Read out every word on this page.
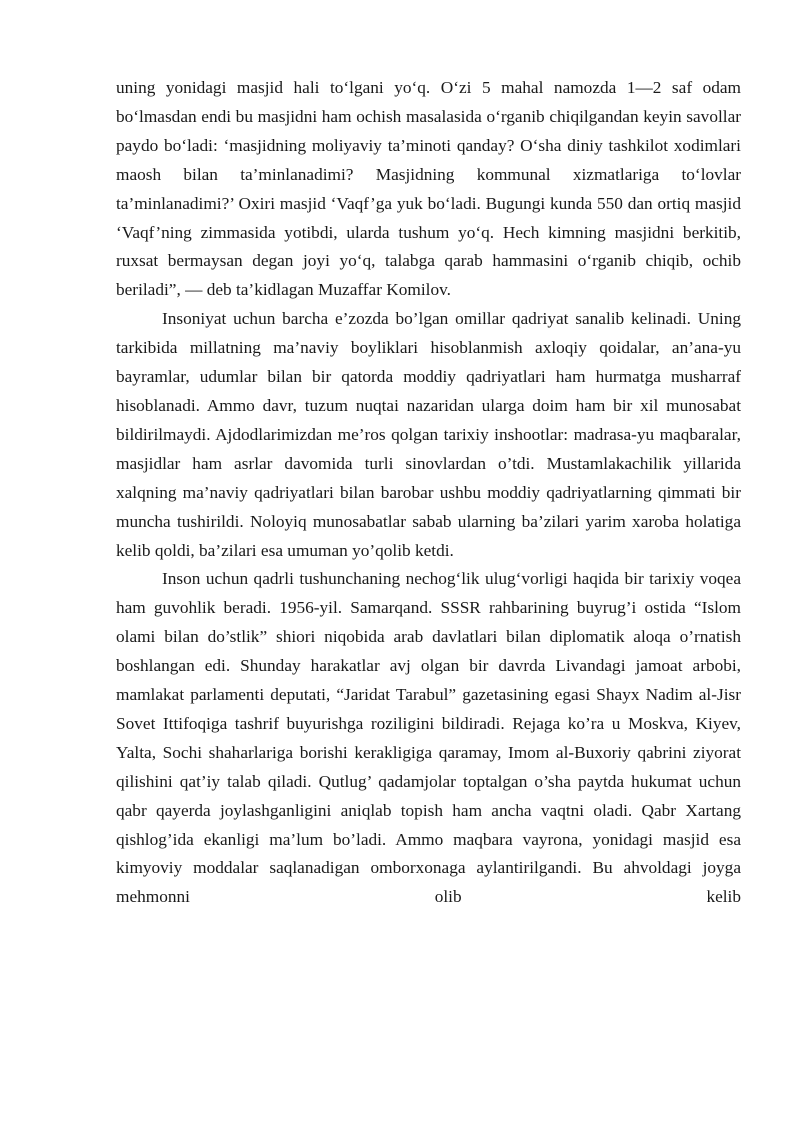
uning yonidagi masjid hali to‘lgani yo‘q. O‘zi 5 mahal namozda 1—2 saf odam bo‘lmasdan endi bu masjidni ham ochish masalasida o‘rganib chiqilgandan keyin savollar paydo bo‘ladi: ‘masjidning moliyaviy ta’minoti qanday? O‘sha diniy tashkilot xodimlari maosh bilan ta’minlanadimi? Masjidning kommunal xizmatlariga to‘lovlar ta’minlanadimi?’ Oxiri masjid ‘Vaqf’ga yuk bo‘ladi. Bugungi kunda 550 dan ortiq masjid ‘Vaqf’ning zimmasida yotibdi, ularda tushum yo‘q. Hech kimning masjidni berkitib, ruxsat bermaysan degan joyi yo‘q, talabga qarab hammasini o‘rganib chiqib, ochib beriladi”, — deb ta’kidlagan Muzaffar Komilov.

Insoniyat uchun barcha e’zozda bo’lgan omillar qadriyat sanalib kelinadi. Uning tarkibida millatning ma’naviy boyliklari hisoblanmish axloqiy qoidalar, an’ana-yu bayramlar, udumlar bilan bir qatorda moddiy qadriyatlari ham hurmatga musharraf hisoblanadi. Ammo davr, tuzum nuqtai nazaridan ularga doim ham bir xil munosabat bildirilmaydi. Ajdodlarimizdan me’ros qolgan tarixiy inshootlar: madrasa-yu maqbaralar, masjidlar ham asrlar davomida turli sinovlardan o’tdi. Mustamlakachilik yillarida xalqning ma’naviy qadriyatlari bilan barobar ushbu moddiy qadriyatlarning qimmati bir muncha tushirildi. Noloyiq munosabatlar sabab ularning ba’zilari yarim xaroba holatiga kelib qoldi, ba’zilari esa umuman yo’qolib ketdi.

Inson uchun qadrli tushunchaning nechog‘lik ulug‘vorligi haqida bir tarixiy voqea ham guvohlik beradi. 1956-yil. Samarqand. SSSR rahbarining buyrug’i ostida “Islom olami bilan do’stlik” shiori niqobida arab davlatlari bilan diplomatik aloqa o’rnatish boshlangan edi. Shunday harakatlar avj olgan bir davrda Livandagi jamoat arbobi, mamlakat parlamenti deputati, “Jaridat Tarabul” gazetasining egasi Shayx Nadim al-Jisr Sovet Ittifoqiga tashrif buyurishga roziligini bildiradi. Rejaga ko’ra u Moskva, Kiyev, Yalta, Sochi shaharlariga borishi kerakligiga qaramay, Imom al-Buxoriy qabrini ziyorat qilishini qat’iy talab qiladi. Qutlug’ qadamjolar toptalgan o’sha paytda hukumat uchun qabr qayerda joylashganligini aniqlab topish ham ancha vaqtni oladi. Qabr Xartang qishlog’ida ekanligi ma’lum bo’ladi. Ammo maqbara vayrona, yonidagi masjid esa kimyoviy moddalar saqlanadigan omborxonaga aylantirilgandi. Bu ahvoldagi joyga mehmonni olib kelib
